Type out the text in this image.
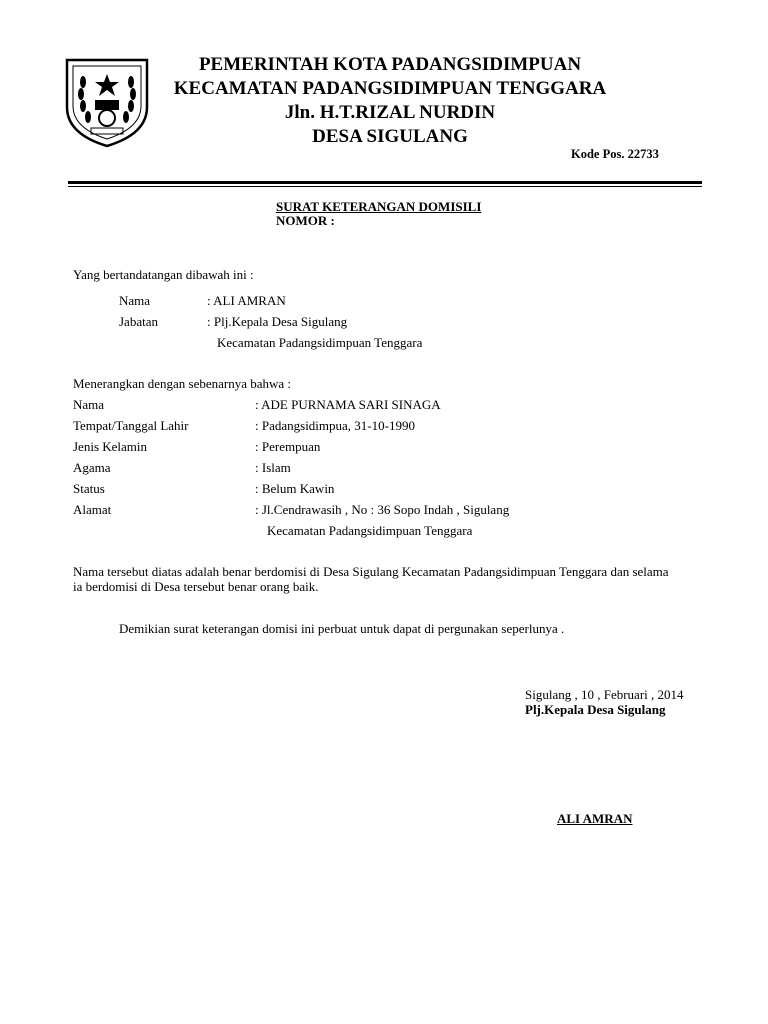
PEMERINTAH KOTA PADANGSIDIMPUAN
KECAMATAN PADANGSIDIMPUAN TENGGARA
Jln. H.T.RIZAL NURDIN
DESA SIGULANG
Kode Pos. 22733
SURAT KETERANGAN DOMISILI
NOMOR :
Yang bertandatangan dibawah ini :
Nama	: ALI AMRAN
Jabatan	: Plj.Kepala Desa Sigulang
Kecamatan Padangsidimpuan Tenggara
Menerangkan dengan sebenarnya bahwa :
Nama	: ADE PURNAMA SARI SINAGA
Tempat/Tanggal Lahir	: Padangsidimpua, 31-10-1990
Jenis Kelamin	: Perempuan
Agama	: Islam
Status	: Belum Kawin
Alamat	: Jl.Cendrawasih , No : 36 Sopo Indah , Sigulang
Kecamatan Padangsidimpuan Tenggara
Nama tersebut diatas adalah benar berdomisi di Desa Sigulang Kecamatan Padangsidimpuan Tenggara dan selama ia berdomisi di Desa tersebut benar orang baik.
Demikian surat keterangan domisi ini perbuat untuk dapat di pergunakan seperlunya .
Sigulang , 10 , Februari , 2014
Plj.Kepala Desa Sigulang
ALI AMRAN
